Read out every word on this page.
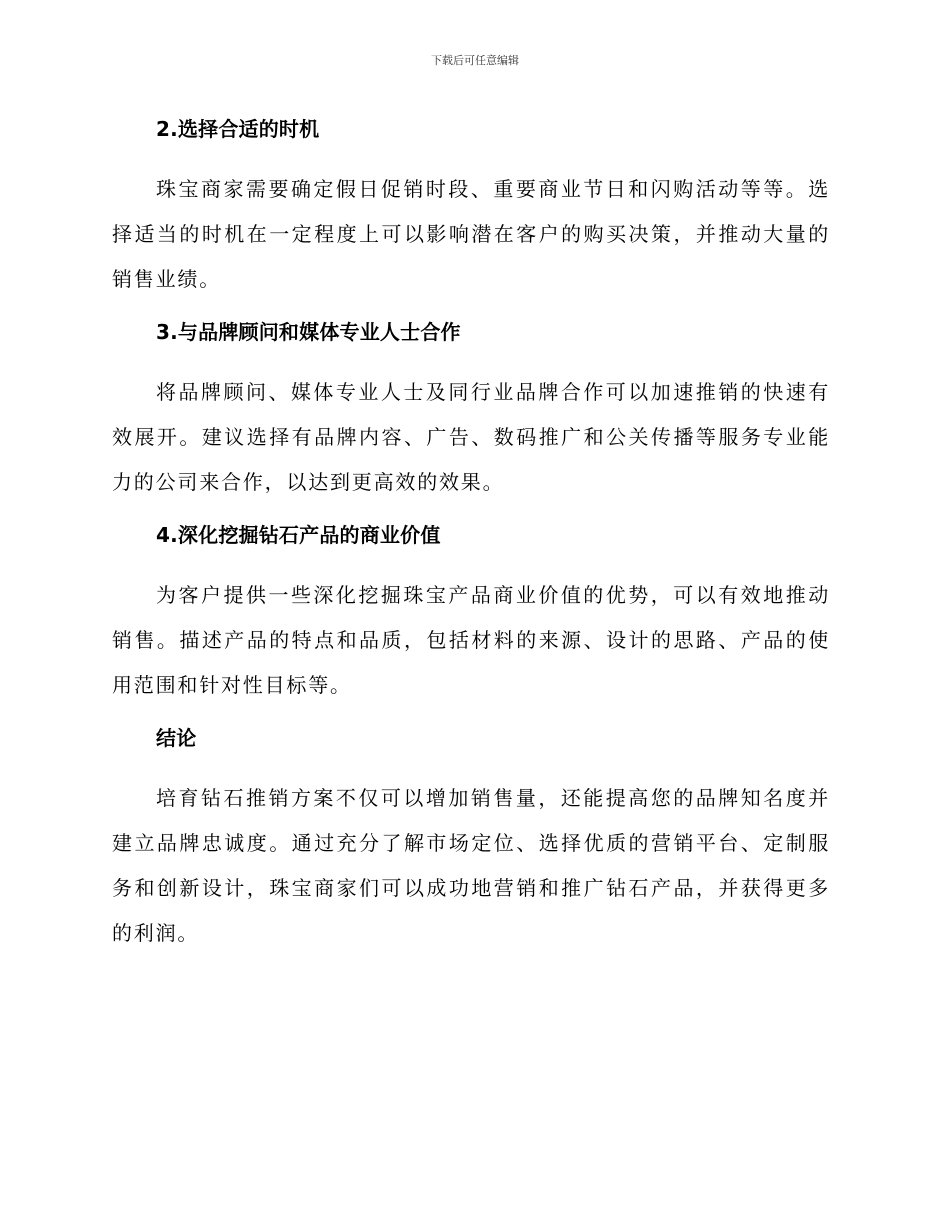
下载后可任意编辑
2.选择合适的时机

珠宝商家需要确定假日促销时段、重要商业节日和闪购活动等等。选择适当的时机在一定程度上可以影响潜在客户的购买决策，并推动大量的销售业绩。

3.与品牌顾问和媒体专业人士合作

将品牌顾问、媒体专业人士及同行业品牌合作可以加速推销的快速有效展开。建议选择有品牌内容、广告、数码推广和公关传播等服务专业能力的公司来合作，以达到更高效的效果。

4.深化挖掘钻石产品的商业价值

为客户提供一些深化挖掘珠宝产品商业价值的优势，可以有效地推动销售。描述产品的特点和品质，包括材料的来源、设计的思路、产品的使用范围和针对性目标等。

结论

培育钻石推销方案不仅可以增加销售量，还能提高您的品牌知名度并建立品牌忠诚度。通过充分了解市场定位、选择优质的营销平台、定制服务和创新设计，珠宝商家们可以成功地营销和推广钻石产品，并获得更多的利润。
